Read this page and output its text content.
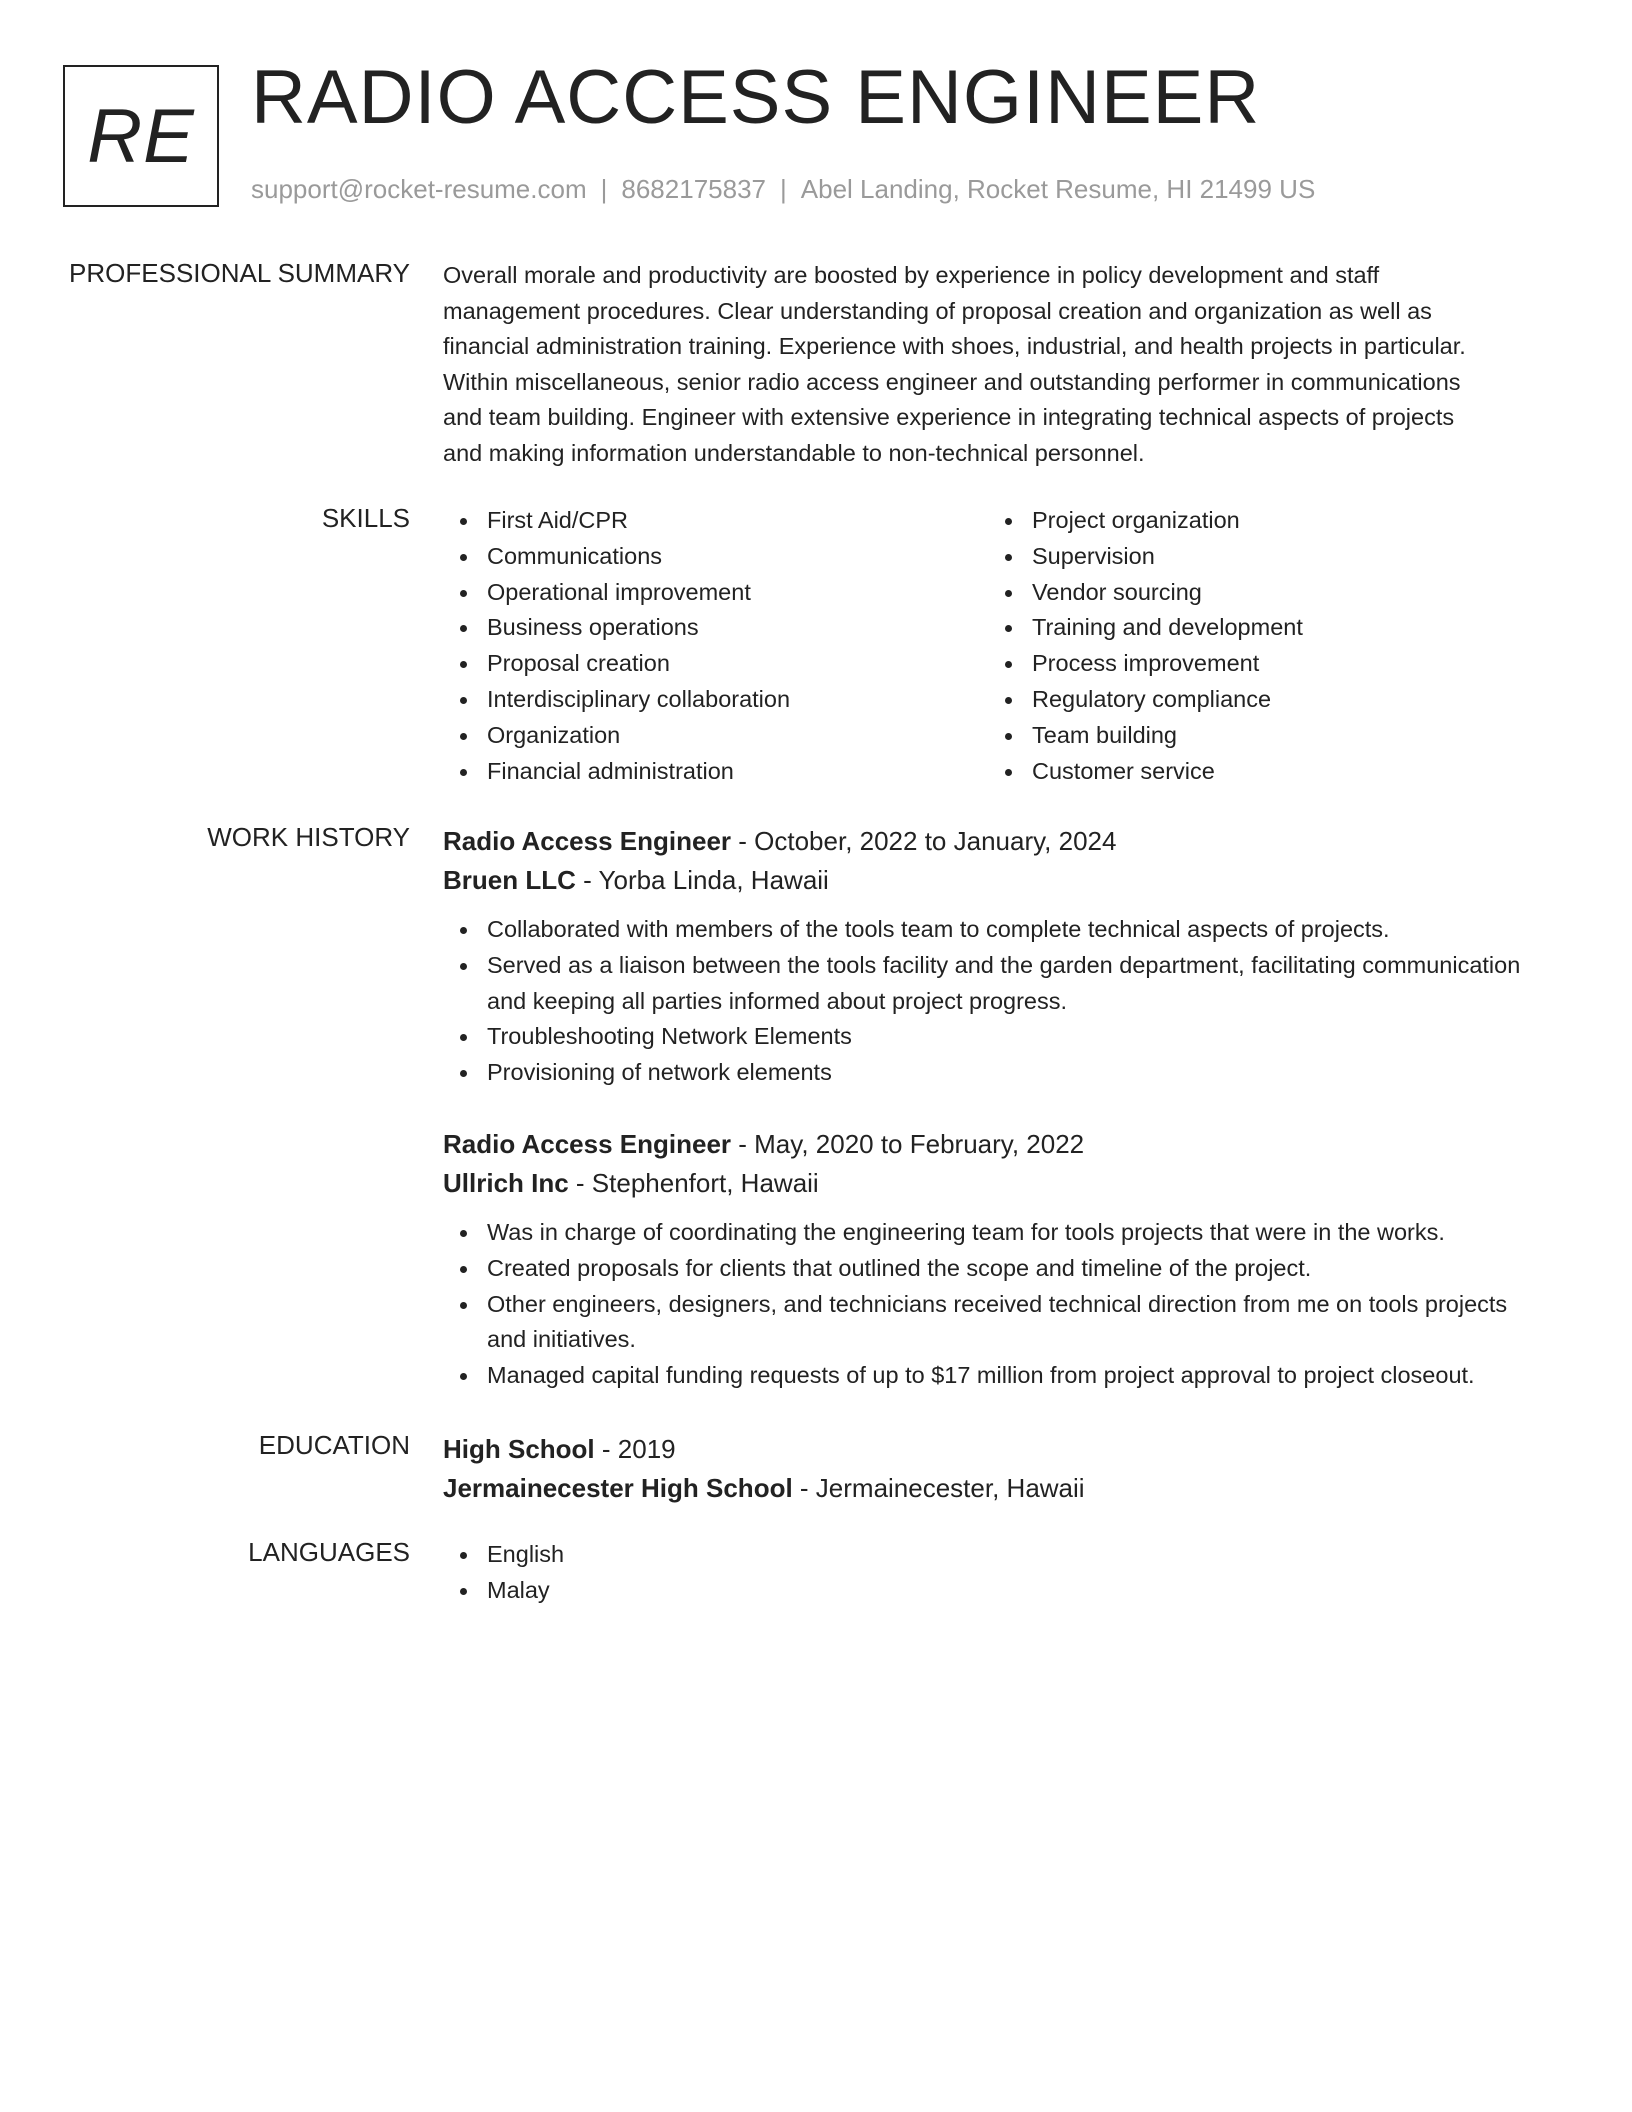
RE RADIO ACCESS ENGINEER
support@rocket-resume.com | 8682175837 | Abel Landing, Rocket Resume, HI 21499 US
PROFESSIONAL SUMMARY Overall morale and productivity are boosted by experience in policy development and staff
management procedures. Clear understanding of proposal creation and organization as well as
financial administration training. Experience with shoes, industrial, and health projects in particular.
Within miscellaneous, senior radio access engineer and outstanding performer in communications
and team building. Engineer with extensive experience in integrating technical aspects of projects
and making information understandable to non-technical personnel.
SKILLS	First Aid/CPR
Communications
Operational improvement
Business operations
Proposal creation
Interdisciplinary collaboration
Organization
Financial administration
Project organization
Supervision
Vendor sourcing
Training and development
Process improvement
Regulatory compliance
Team building
Customer service
WORK HISTORY Radio Access Engineer - October, 2022 to January, 2024
Bruen LLC - Yorba Linda, Hawaii
Collaborated with members of the tools team to complete technical aspects of projects.
Served as a liaison between the tools facility and the garden department, facilitating communication and keeping all parties informed about project progress.
Troubleshooting Network Elements
Provisioning of network elements
Radio Access Engineer - May, 2020 to February, 2022
Ullrich Inc - Stephenfort, Hawaii
Was in charge of coordinating the engineering team for tools projects that were in the works.
Created proposals for clients that outlined the scope and timeline of the project.
Other engineers, designers, and technicians received technical direction from me on tools projects and initiatives.
Managed capital funding requests of up to $17 million from project approval to project closeout.
EDUCATION High School - 2019
Jermainecester High School - Jermainecester, Hawaii
LANGUAGES	English
Malay
